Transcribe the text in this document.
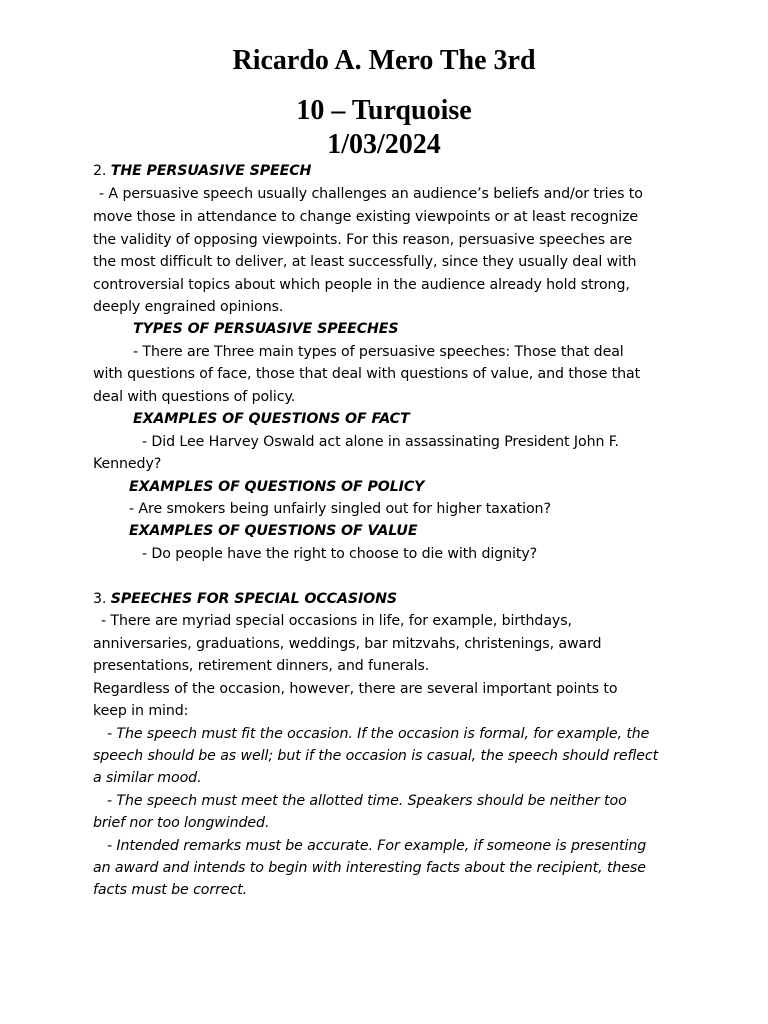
Ricardo A. Mero The 3rd
10 – Turquoise
1/03/2024
2. THE PERSUASIVE SPEECH
- A persuasive speech usually challenges an audience’s beliefs and/or tries to
move those in attendance to change existing viewpoints or at least recognize
the validity of opposing viewpoints. For this reason, persuasive speeches are
the most difficult to deliver, at least successfully, since they usually deal with
controversial topics about which people in the audience already hold strong,
deeply engrained opinions.
TYPES OF PERSUASIVE SPEECHES
- There are Three main types of persuasive speeches: Those that deal
with questions of face, those that deal with questions of value, and those that
deal with questions of policy.
EXAMPLES OF QUESTIONS OF FACT
- Did Lee Harvey Oswald act alone in assassinating President John F.
Kennedy?
EXAMPLES OF QUESTIONS OF POLICY
- Are smokers being unfairly singled out for higher taxation?
EXAMPLES OF QUESTIONS OF VALUE
- Do people have the right to choose to die with dignity?
3. SPEECHES FOR SPECIAL OCCASIONS
- There are myriad special occasions in life, for example, birthdays,
anniversaries, graduations, weddings, bar mitzvahs, christenings, award
presentations, retirement dinners, and funerals.
Regardless of the occasion, however, there are several important points to
keep in mind:
- The speech must fit the occasion. If the occasion is formal, for example, the
speech should be as well; but if the occasion is casual, the speech should reflect
a similar mood.
- The speech must meet the allotted time. Speakers should be neither too
brief nor too longwinded.
- Intended remarks must be accurate. For example, if someone is presenting
an award and intends to begin with interesting facts about the recipient, these
facts must be correct.
